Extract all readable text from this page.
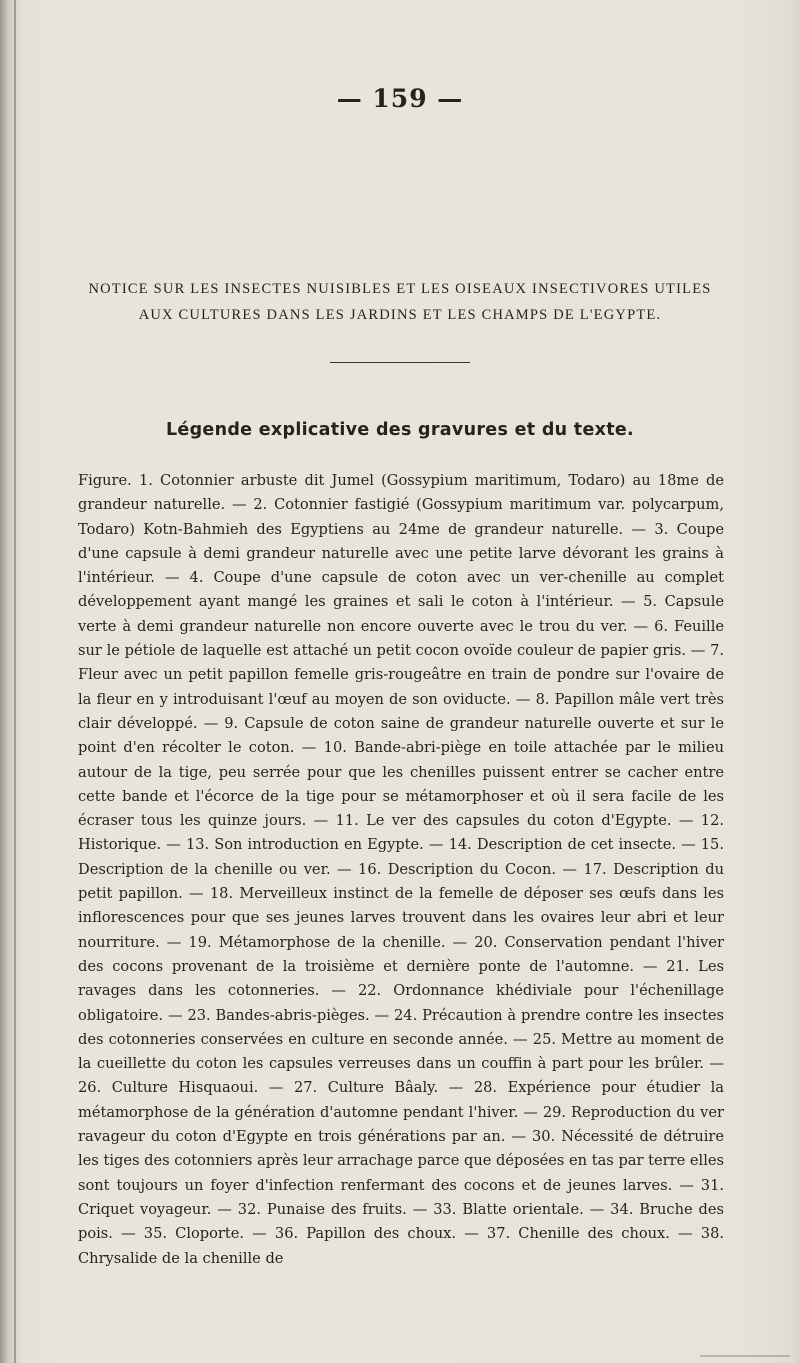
— 159 —
NOTICE SUR LES INSECTES NUISIBLES ET LES OISEAUX INSECTIVORES UTILES
AUX CULTURES DANS LES JARDINS ET LES CHAMPS DE L'EGYPTE.
Légende explicative des gravures et du texte.
Figure. 1. Cotonnier arbuste dit Jumel (Gossypium maritimum, Todaro) au 18me de grandeur naturelle. — 2. Cotonnier fastigié (Gossypium maritimum var. polycarpum, Todaro) Kotn-Bahmieh des Egyptiens au 24me de grandeur naturelle. — 3. Coupe d'une capsule à demi grandeur naturelle avec une petite larve dévorant les grains à l'intérieur. — 4. Coupe d'une capsule de coton avec un ver-chenille au complet développement ayant mangé les graines et sali le coton à l'intérieur. — 5. Capsule verte à demi grandeur naturelle non encore ouverte avec le trou du ver. — 6. Feuille sur le pétiole de laquelle est attaché un petit cocon ovoïde couleur de papier gris. — 7. Fleur avec un petit papillon femelle gris-rougeâtre en train de pondre sur l'ovaire de la fleur en y introduisant l'œuf au moyen de son oviducte. — 8. Papillon mâle vert très clair développé. — 9. Capsule de coton saine de grandeur naturelle ouverte et sur le point d'en récolter le coton. — 10. Bande-abri-piège en toile attachée par le milieu autour de la tige, peu serrée pour que les chenilles puissent entrer se cacher entre cette bande et l'écorce de la tige pour se métamorphoser et où il sera facile de les écraser tous les quinze jours. — 11. Le ver des capsules du coton d'Egypte. — 12. Historique. — 13. Son introduction en Egypte. — 14. Description de cet insecte. — 15. Description de la chenille ou ver. — 16. Description du Cocon. — 17. Description du petit papillon. — 18. Merveilleux instinct de la femelle de déposer ses œufs dans les inflorescences pour que ses jeunes larves trouvent dans les ovaires leur abri et leur nourriture. — 19. Métamorphose de la chenille. — 20. Conservation pendant l'hiver des cocons provenant de la troisième et dernière ponte de l'automne. — 21. Les ravages dans les cotonneries. — 22. Ordonnance khédiviale pour l'échenillage obligatoire. — 23. Bandes-abris-pièges. — 24. Précaution à prendre contre les insectes des cotonneries conservées en culture en seconde année. — 25. Mettre au moment de la cueillette du coton les capsules verreuses dans un couffin à part pour les brûler. — 26. Culture Hisquaoui. — 27. Culture Bâaly. — 28. Expérience pour étudier la métamorphose de la génération d'automne pendant l'hiver. — 29. Reproduction du ver ravageur du coton d'Egypte en trois générations par an. — 30. Nécessité de détruire les tiges des cotonniers après leur arrachage parce que déposées en tas par terre elles sont toujours un foyer d'infection renfermant des cocons et de jeunes larves. — 31. Criquet voyageur. — 32. Punaise des fruits. — 33. Blatte orientale. — 34. Bruche des pois. — 35. Cloporte. — 36. Papillon des choux. — 37. Chenille des choux. — 38. Chrysalide de la chenille de
